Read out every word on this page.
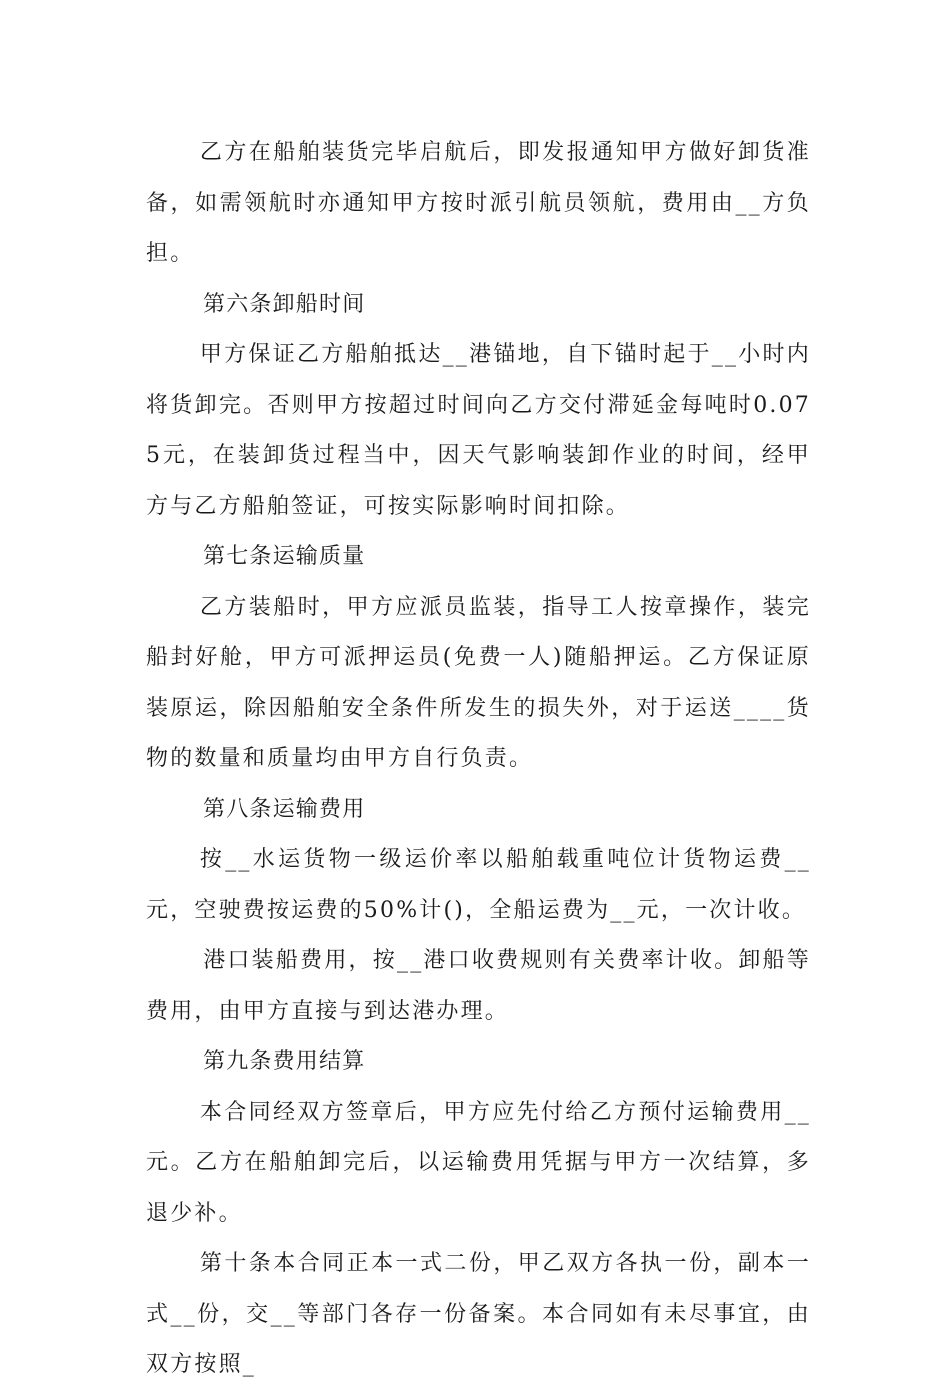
乙方在船舶装货完毕启航后，即发报通知甲方做好卸货准备，如需领航时亦通知甲方按时派引航员领航，费用由__方负担。

第六条卸船时间

甲方保证乙方船舶抵达__港锚地，自下锚时起于__小时内将货卸完。否则甲方按超过时间向乙方交付滞延金每吨时0.075元，在装卸货过程当中，因天气影响装卸作业的时间，经甲方与乙方船舶签证，可按实际影响时间扣除。

第七条运输质量

乙方装船时，甲方应派员监装，指导工人按章操作，装完船封好舱，甲方可派押运员(免费一人)随船押运。乙方保证原装原运，除因船舶安全条件所发生的损失外，对于运送____货物的数量和质量均由甲方自行负责。

第八条运输费用

按__水运货物一级运价率以船舶载重吨位计货物运费__元，空驶费按运费的50%计()，全船运费为__元，一次计收。

港口装船费用，按__港口收费规则有关费率计收。卸船等费用，由甲方直接与到达港办理。

第九条费用结算

本合同经双方签章后，甲方应先付给乙方预付运输费用__元。乙方在船舶卸完后，以运输费用凭据与甲方一次结算，多退少补。

第十条本合同正本一式二份，甲乙双方各执一份，副本一式__份，交__等部门各存一份备案。本合同如有未尽事宜，由双方按照_
